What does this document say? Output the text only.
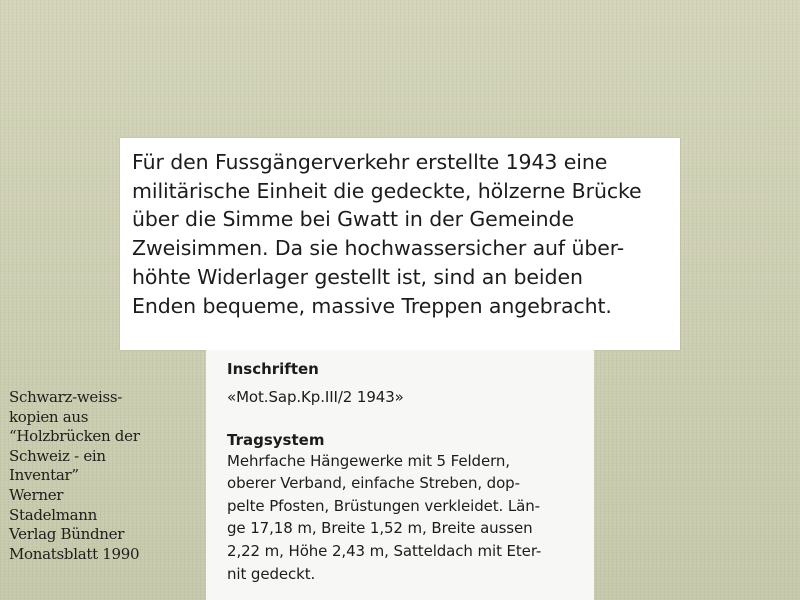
Für den Fussgängerverkehr erstellte 1943 eine
militärische Einheit die gedeckte, hölzerne Brücke
über die Simme bei Gwatt in der Gemeinde
Zweisimmen. Da sie hochwassersicher auf über-
höhte Widerlager gestellt ist, sind an beiden
Enden bequeme, massive Treppen angebracht.
Inschriften
«Mot.Sap.Kp.III/2 1943»
Tragsystem
Mehrfache Hängewerke mit 5 Feldern,
oberer Verband, einfache Streben, dop-
pelte Pfosten, Brüstungen verkleidet. Län-
ge 17,18 m, Breite 1,52 m, Breite aussen
2,22 m, Höhe 2,43 m, Satteldach mit Eter-
nit gedeckt.
Schwarz-weiss-
kopien aus
“Holzbrücken der
Schweiz - ein
Inventar”
Werner
Stadelmann
Verlag Bündner
Monatsblatt 1990
